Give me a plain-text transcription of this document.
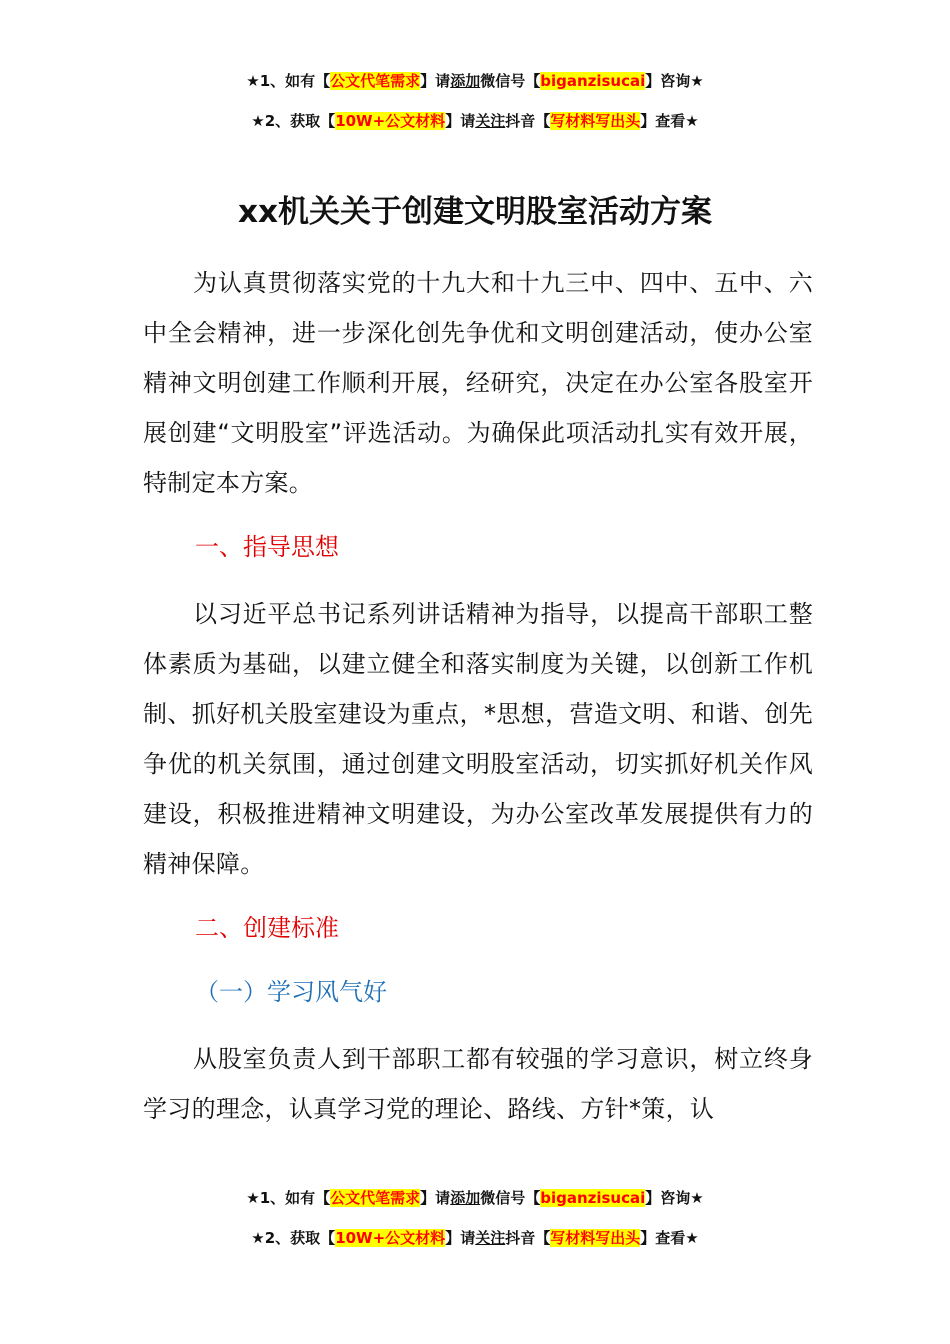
★1、如有【公文代笔需求】请添加微信号【biganzisucai】咨询★
★2、获取【10W+公文材料】请关注抖音【写材料写出头】查看★
xx机关关于创建文明股室活动方案

为认真贯彻落实党的十九大和十九三中、四中、五中、六中全会精神，进一步深化创先争优和文明创建活动，使办公室精神文明创建工作顺利开展，经研究，决定在办公室各股室开展创建“文明股室”评选活动。为确保此项活动扎实有效开展，特制定本方案。

一、指导思想

以习近平总书记系列讲话精神为指导，以提高干部职工整体素质为基础，以建立健全和落实制度为关键，以创新工作机制、抓好机关股室建设为重点，*思想，营造文明、和谐、创先争优的机关氛围，通过创建文明股室活动，切实抓好机关作风建设，积极推进精神文明建设，为办公室改革发展提供有力的精神保障。

二、创建标准

（一）学习风气好

从股室负责人到干部职工都有较强的学习意识，树立终身学习的理念，认真学习党的理论、路线、方针*策，认

★1、如有【公文代笔需求】请添加微信号【biganzisucai】咨询★
★2、获取【10W+公文材料】请关注抖音【写材料写出头】查看★
